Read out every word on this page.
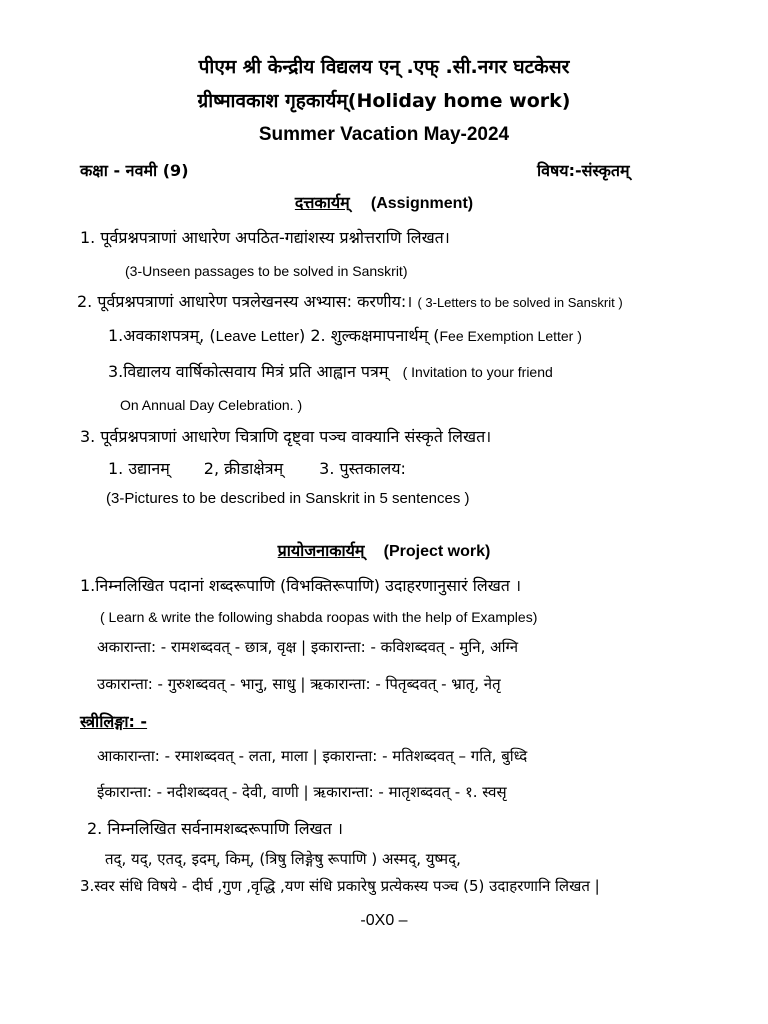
पीएम श्री केन्द्रीय विद्यलय एन् .एफ् .सी.नगर घटकेसर
ग्रीष्मावकाश गृहकार्यम्(Holiday home work)
Summer Vacation May-2024
कक्षा - नवमी (9)	विषय:-संस्कृतम्
दत्तकार्यम् (Assignment)
1. पूर्वप्रश्नपत्राणां आधारेण अपठित-गद्यांशस्य प्रश्नोत्तराणि लिखत।
(3-Unseen passages to be solved in Sanskrit)
2. पूर्वप्रश्नपत्राणां आधारेण पत्रलेखनस्य अभ्यास: करणीय:। ( 3-Letters to be solved in Sanskrit )
1.अवकाशपत्रम्, (Leave Letter) 2. शुल्कक्षमापनार्थम् (Fee Exemption Letter )
3.विद्यालय वार्षिकोत्सवाय मित्रं प्रति आह्वान पत्रम् ( Invitation to your friend
On Annual Day Celebration. )
3. पूर्वप्रश्नपत्राणां आधारेण चित्राणि दृष्ट्वा पञ्च वाक्यानि संस्कृते लिखत।
1. उद्यानम् 2, क्रीडाक्षेत्रम् 3. पुस्तकालय:
(3-Pictures to be described in Sanskrit in 5 sentences )
प्रायोजनाकार्यम् (Project work)
1.निम्नलिखित पदानां शब्दरूपाणि (विभक्तिरूपाणि) उदाहरणानुसारं लिखत ।
( Learn & write the following shabda roopas with the help of Examples)
अकारान्ता: - रामशब्दवत् - छात्र, वृक्ष | इकारान्ता: - कविशब्दवत् - मुनि, अग्नि
उकारान्ता: - गुरुशब्दवत् - भानु, साधु | ऋकारान्ता: - पितृब्दवत् - भ्रातृ, नेतृ
स्त्रीलिङ्गा: -
आकारान्ता: - रमाशब्दवत् - लता, माला | इकारान्ता: - मतिशब्दवत् – गति, बुध्दि
ईकारान्ता: - नदीशब्दवत् - देवी, वाणी | ऋकारान्ता: - मातृशब्दवत् - १. स्वसृ
2. निम्नलिखित सर्वनामशब्दरूपाणि लिखत ।
तद्, यद्, एतद्, इदम्, किम्, (त्रिषु लिङ्गेषु रूपाणि ) अस्मद्, युष्मद्,
3.स्वर संधि विषये - दीर्घ ,गुण ,वृद्धि ,यण संधि प्रकारेषु प्रत्येकस्य पञ्च (5) उदाहरणानि लिखत |
-0X0 –
